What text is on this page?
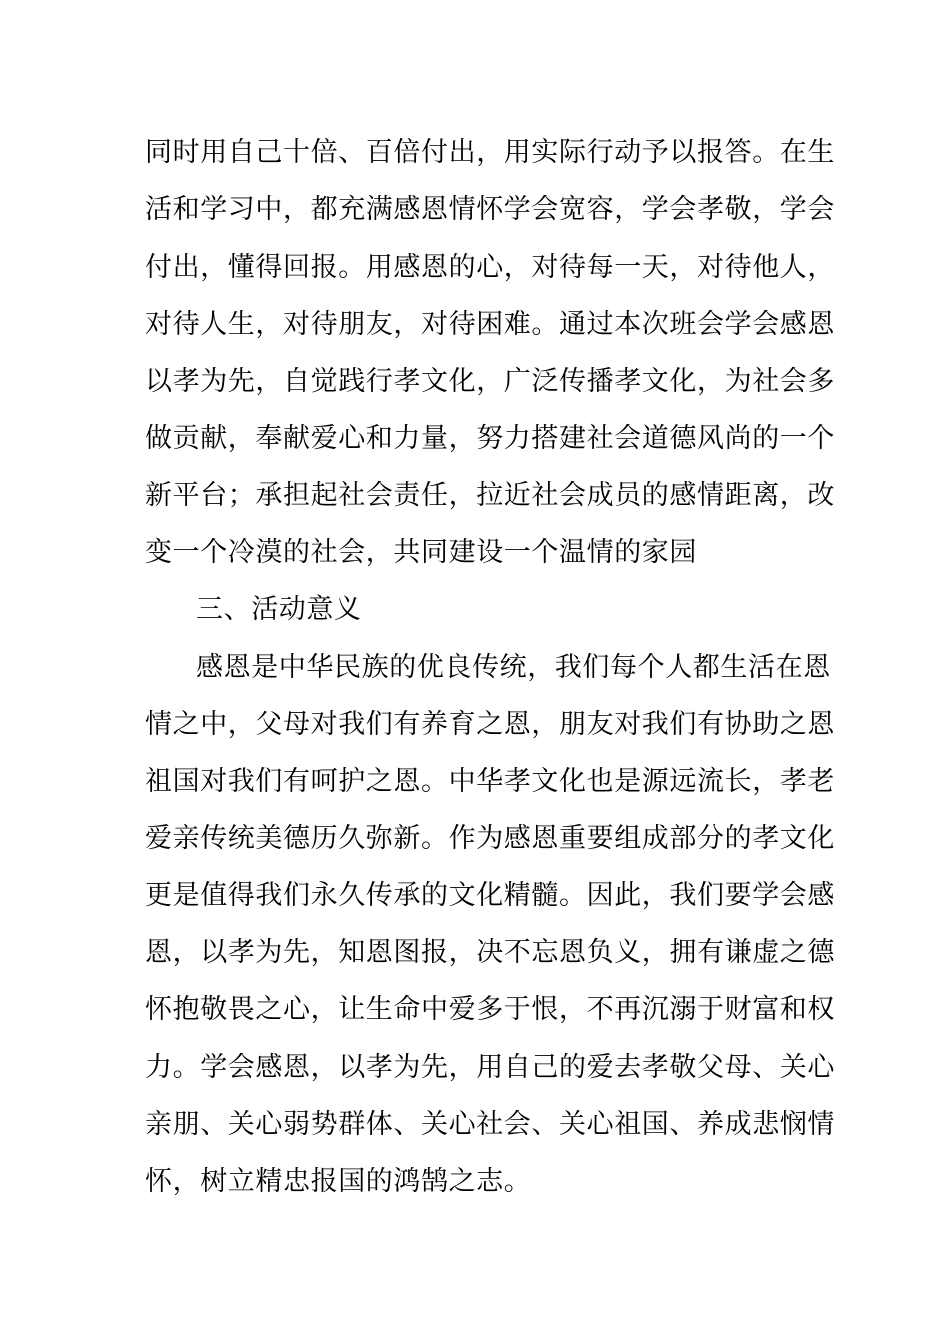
同时用自己十倍、百倍付出，用实际行动予以报答。在生
活和学习中，都充满感恩情怀学会宽容，学会孝敬，学会
付出，懂得回报。用感恩的心，对待每一天，对待他人，
对待人生，对待朋友，对待困难。通过本次班会学会感恩
以孝为先，自觉践行孝文化，广泛传播孝文化，为社会多
做贡献，奉献爱心和力量，努力搭建社会道德风尚的一个
新平台；承担起社会责任，拉近社会成员的感情距离，改
变一个冷漠的社会，共同建设一个温情的家园
三、活动意义
感恩是中华民族的优良传统，我们每个人都生活在恩
情之中，父母对我们有养育之恩，朋友对我们有协助之恩
祖国对我们有呵护之恩。中华孝文化也是源远流长，孝老
爱亲传统美德历久弥新。作为感恩重要组成部分的孝文化
更是值得我们永久传承的文化精髓。因此，我们要学会感
恩，以孝为先，知恩图报，决不忘恩负义，拥有谦虚之德
怀抱敬畏之心，让生命中爱多于恨，不再沉溺于财富和权
力。学会感恩，以孝为先，用自己的爱去孝敬父母、关心
亲朋、关心弱势群体、关心社会、关心祖国、养成悲悯情
怀，树立精忠报国的鸿鹄之志。
